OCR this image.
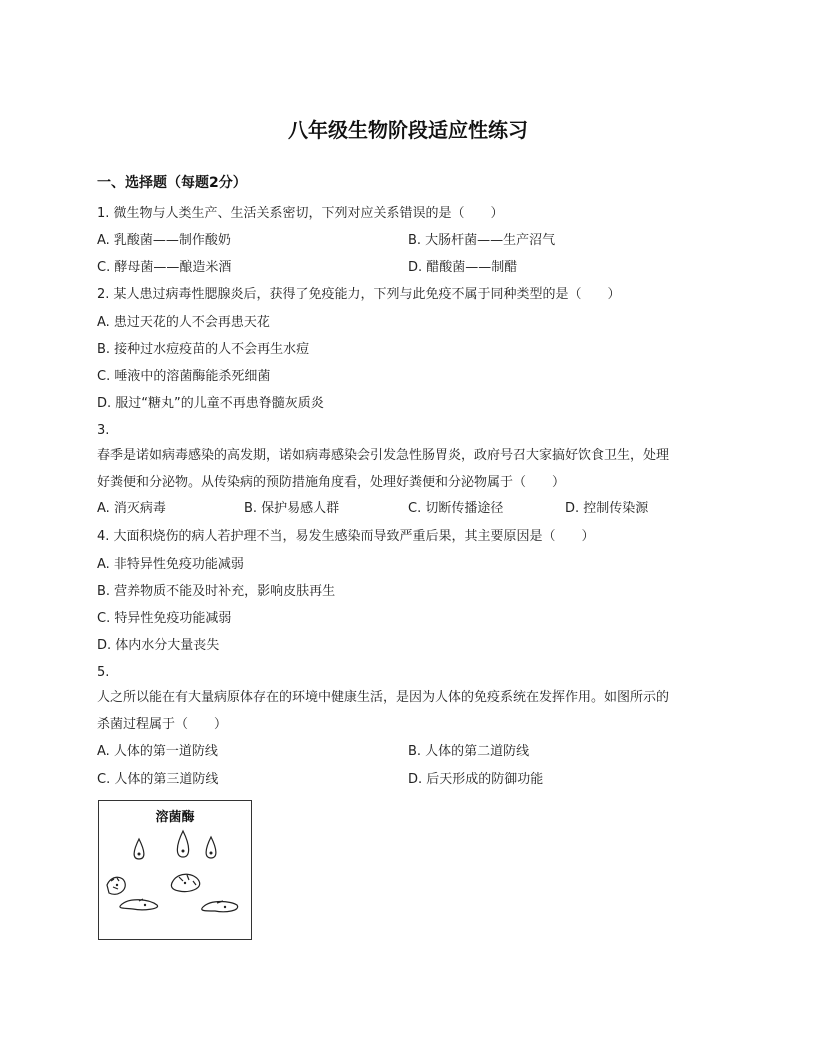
八年级生物阶段适应性练习
一、选择题（每题2分）
1. 微生物与人类生产、生活关系密切，下列对应关系错误的是（　　）
A. 乳酸菌——制作酸奶	B. 大肠杆菌——生产沼气
C. 酵母菌——酿造米酒	D. 醋酸菌——制醋
2. 某人患过病毒性腮腺炎后，获得了免疫能力，下列与此免疫不属于同种类型的是（　　）
A. 患过天花的人不会再患天花
B. 接种过水痘疫苗的人不会再生水痘
C. 唾液中的溶菌酶能杀死细菌
D. 服过“糖丸”的儿童不再患脊髓灰质炎
3.
春季是诺如病毒感染的高发期，诺如病毒感染会引发急性肠胃炎，政府号召大家搞好饮食卫生，处理
好粪便和分泌物。从传染病的预防措施角度看，处理好粪便和分泌物属于（　　）
A. 消灭病毒	B. 保护易感人群	C. 切断传播途径	D. 控制传染源
4. 大面积烧伤的病人若护理不当，易发生感染而导致严重后果，其主要原因是（　　）
A. 非特异性免疫功能减弱
B. 营养物质不能及时补充，影响皮肤再生
C. 特异性免疫功能减弱
D. 体内水分大量丧失
5.
人之所以能在有大量病原体存在的环境中健康生活，是因为人体的免疫系统在发挥作用。如图所示的
杀菌过程属于（　　）
A. 人体的第一道防线	B. 人体的第二道防线
C. 人体的第三道防线	D. 后天形成的防御功能
溶菌酶
